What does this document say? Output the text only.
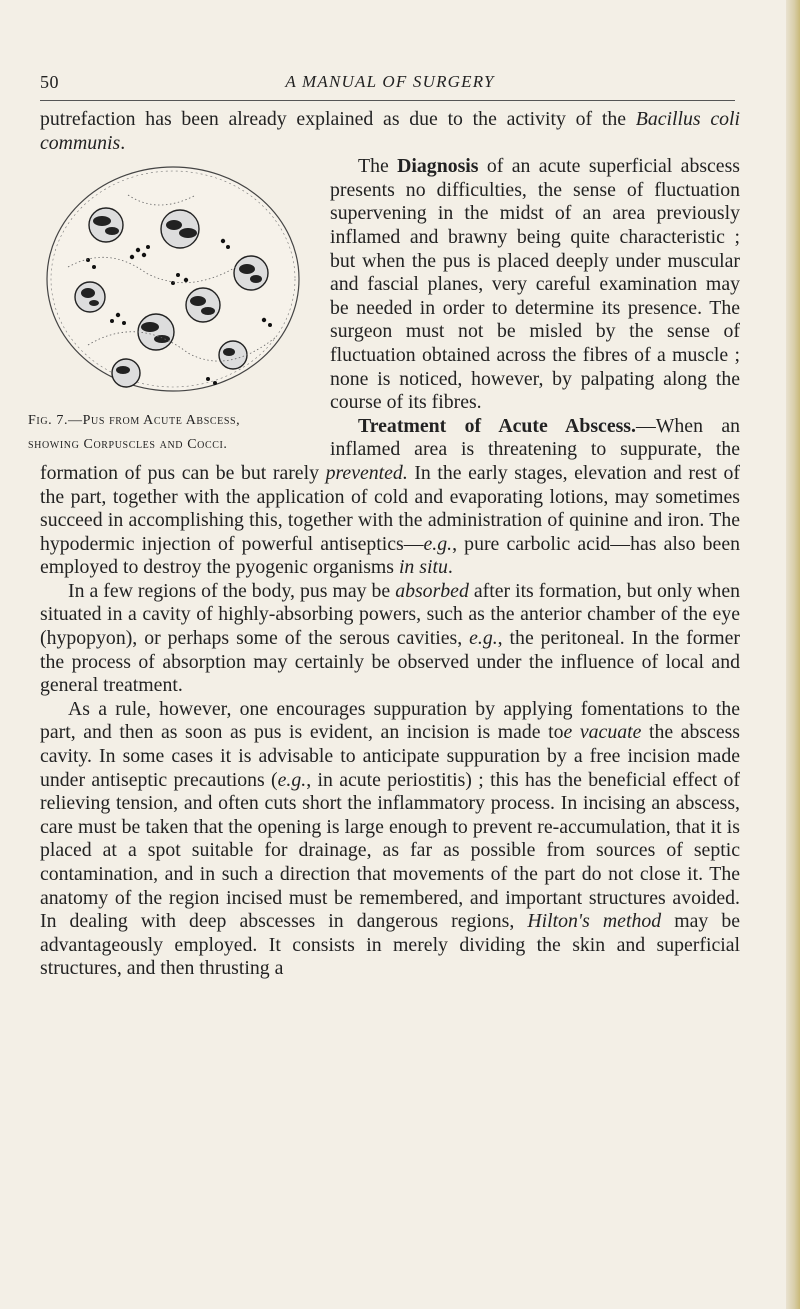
50	A MANUAL OF SURGERY

putrefaction has been already explained as due to the activity of the Bacillus coli communis.

The Diagnosis
Fig. 7.—Pus from Acute Abscess,
showing Corpuscles and Cocci.
of an acute superficial abscess presents no difficulties, the sense of fluctuation supervening in the midst of an area previously inflamed and brawny being quite characteristic ; but when the pus is placed deeply under muscular and fascial planes, very careful examination may be needed in order to determine its presence. The surgeon must not be misled by the sense of fluctuation obtained across the fibres of a muscle ; none is noticed, however, by palpating along the course of its fibres.

Treatment of Acute Abscess.—When an inflamed area is threatening to suppurate, the formation of pus can be but rarely prevented. In the early stages, elevation and rest of the part, together with the application of cold and evaporating lotions, may sometimes succeed in accomplishing this, together with the administration of quinine and iron. The hypodermic injection of powerful antiseptics—e.g., pure carbolic acid—has also been employed to destroy the pyogenic organisms in situ.

In a few regions of the body, pus may be absorbed after its formation, but only when situated in a cavity of highly-absorbing powers, such as the anterior chamber of the eye (hypopyon), or perhaps some of the serous cavities, e.g., the peritoneal. In the former the process of absorption may certainly be observed under the influence of local and general treatment.

As a rule, however, one encourages suppuration by applying fomentations to the part, and then as soon as pus is evident, an incision is made toe vacuate the abscess cavity. In some cases it is advisable to anticipate suppuration by a free incision made under antiseptic precautions (e.g., in acute periostitis) ; this has the beneficial effect of relieving tension, and often cuts short the inflammatory process. In incising an abscess, care must be taken that the opening is large enough to prevent re-accumulation, that it is placed at a spot suitable for drainage, as far as possible from sources of septic contamination, and in such a direction that movements of the part do not close it. The anatomy of the region incised must be remembered, and important structures avoided. In dealing with deep abscesses in dangerous regions, Hilton's method may be advantageously employed. It consists in merely dividing the skin and superficial structures, and then thrusting a
